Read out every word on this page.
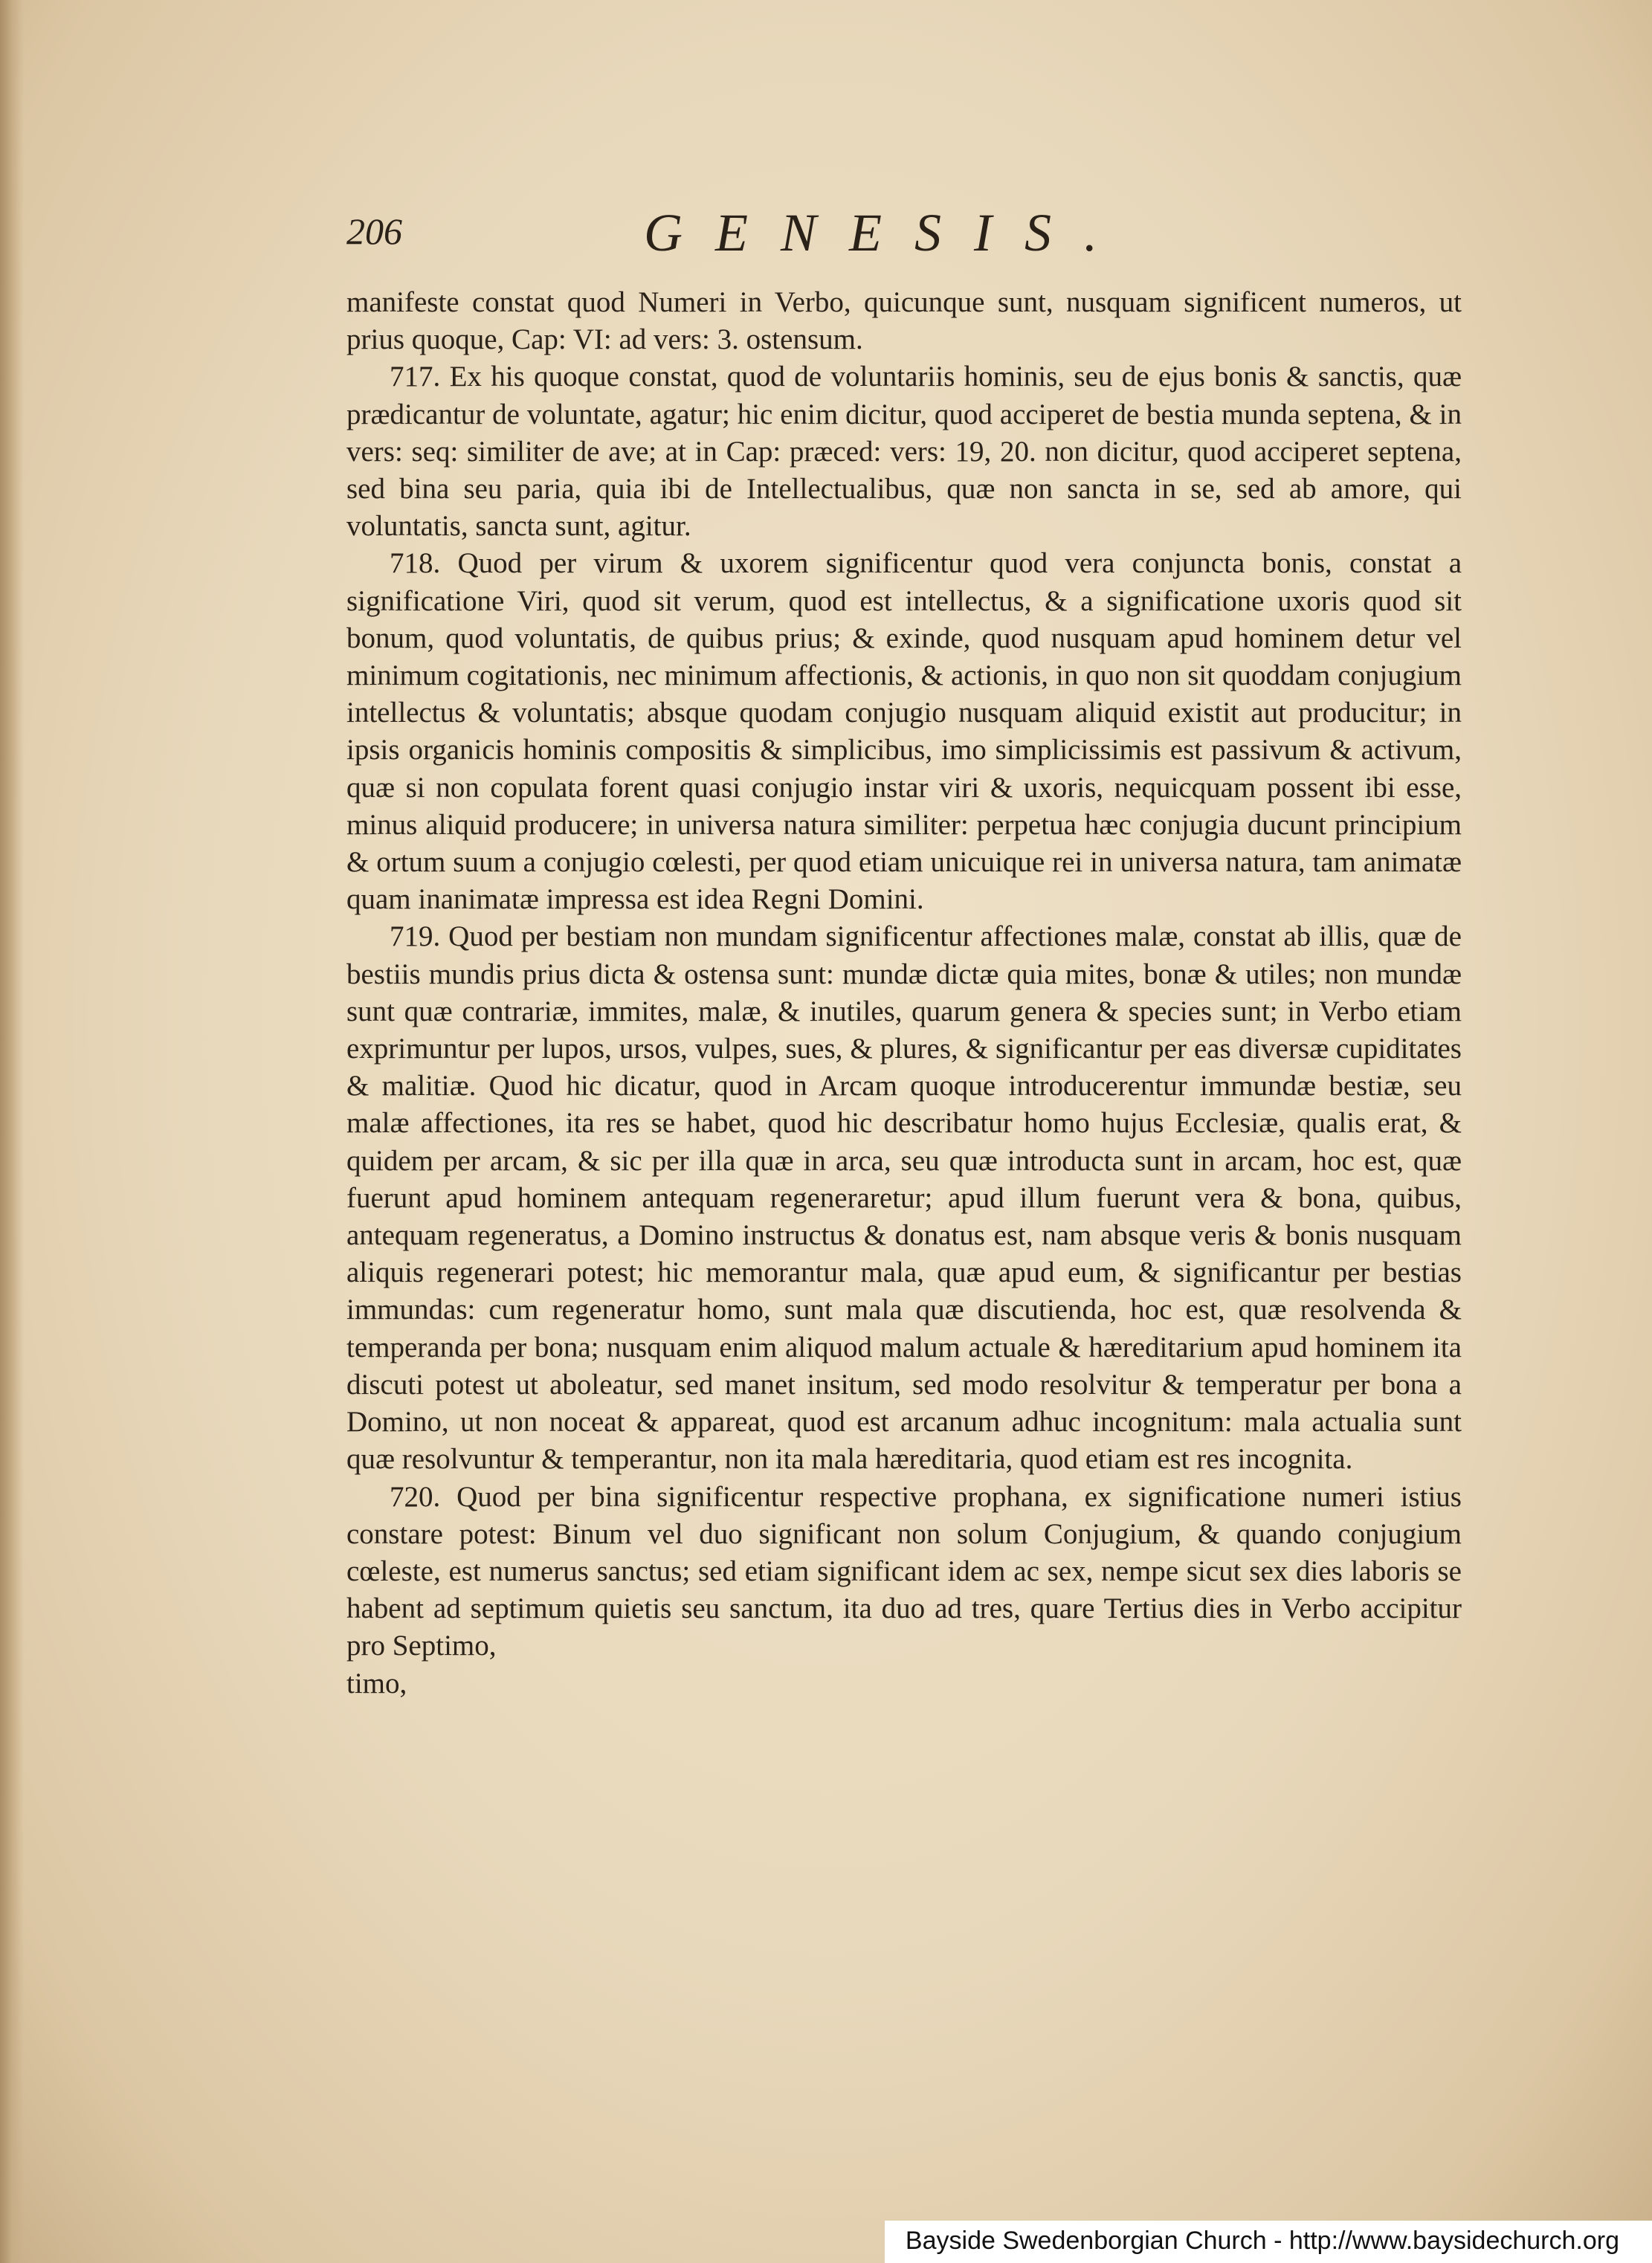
206	GENESIS.

manifeste constat quod Numeri in Verbo, quicunque sunt, nusquam significent numeros, ut prius quoque, Cap: VI: ad vers: 3. ostensum.

717. Ex his quoque constat, quod de voluntariis hominis, seu de ejus bonis & sanctis, quæ prædicantur de voluntate, agatur; hic enim dicitur, quod acciperet de bestia munda septena, & in vers: seq: similiter de ave; at in Cap: præced: vers: 19, 20. non dicitur, quod acciperet septena, sed bina seu paria, quia ibi de Intellectualibus, quæ non sancta in se, sed ab amore, qui voluntatis, sancta sunt, agitur.

718. Quod per virum & uxorem significentur quod vera conjuncta bonis, constat a significatione Viri, quod sit verum, quod est intellectus, & a significatione uxoris quod sit bonum, quod voluntatis, de quibus prius; & exinde, quod nusquam apud hominem detur vel minimum cogitationis, nec minimum affectionis, & actionis, in quo non sit quoddam conjugium intellectus & voluntatis; absque quodam conjugio nusquam aliquid existit aut producitur; in ipsis organicis hominis compositis & simplicibus, imo simplicissimis est passivum & activum, quæ si non copulata forent quasi conjugio instar viri & uxoris, nequicquam possent ibi esse, minus aliquid producere; in universa natura similiter: perpetua hæc conjugia ducunt principium & ortum suum a conjugio cœlesti, per quod etiam unicuique rei in universa natura, tam animatæ quam inanimatæ impressa est idea Regni Domini.

719. Quod per bestiam non mundam significentur affectiones malæ, constat ab illis, quæ de bestiis mundis prius dicta & ostensa sunt: mundæ dictæ quia mites, bonæ & utiles; non mundæ sunt quæ contrariæ, immites, malæ, & inutiles, quarum genera & species sunt; in Verbo etiam exprimuntur per lupos, ursos, vulpes, sues, & plures, & significantur per eas diversæ cupiditates & malitiæ. Quod hic dicatur, quod in Arcam quoque introducerentur immundæ bestiæ, seu malæ affectiones, ita res se habet, quod hic describatur homo hujus Ecclesiæ, qualis erat, & quidem per arcam, & sic per illa quæ in arca, seu quæ introducta sunt in arcam, hoc est, quæ fuerunt apud hominem antequam regeneraretur; apud illum fuerunt vera & bona, quibus, antequam regeneratus, a Domino instructus & donatus est, nam absque veris & bonis nusquam aliquis regenerari potest; hic memorantur mala, quæ apud eum, & significantur per bestias immundas: cum regeneratur homo, sunt mala quæ discutienda, hoc est, quæ resolvenda & temperanda per bona; nusquam enim aliquod malum actuale & hæreditarium apud hominem ita discuti potest ut aboleatur, sed manet insitum, sed modo resolvitur & temperatur per bona a Domino, ut non noceat & appareat, quod est arcanum adhuc incognitum: mala actualia sunt quæ resolvuntur & temperantur, non ita mala hæreditaria, quod etiam est res incognita.

720. Quod per bina significentur respective prophana, ex significatione numeri istius constare potest: Binum vel duo significant non solum Conjugium, & quando conjugium cœleste, est numerus sanctus; sed etiam significant idem ac sex, nempe sicut sex dies laboris se habent ad septimum quietis seu sanctum, ita duo ad tres, quare Tertius dies in Verbo accipitur pro Septimo,

timo,

Bayside Swedenborgian Church - http://www.baysidechurch.org
